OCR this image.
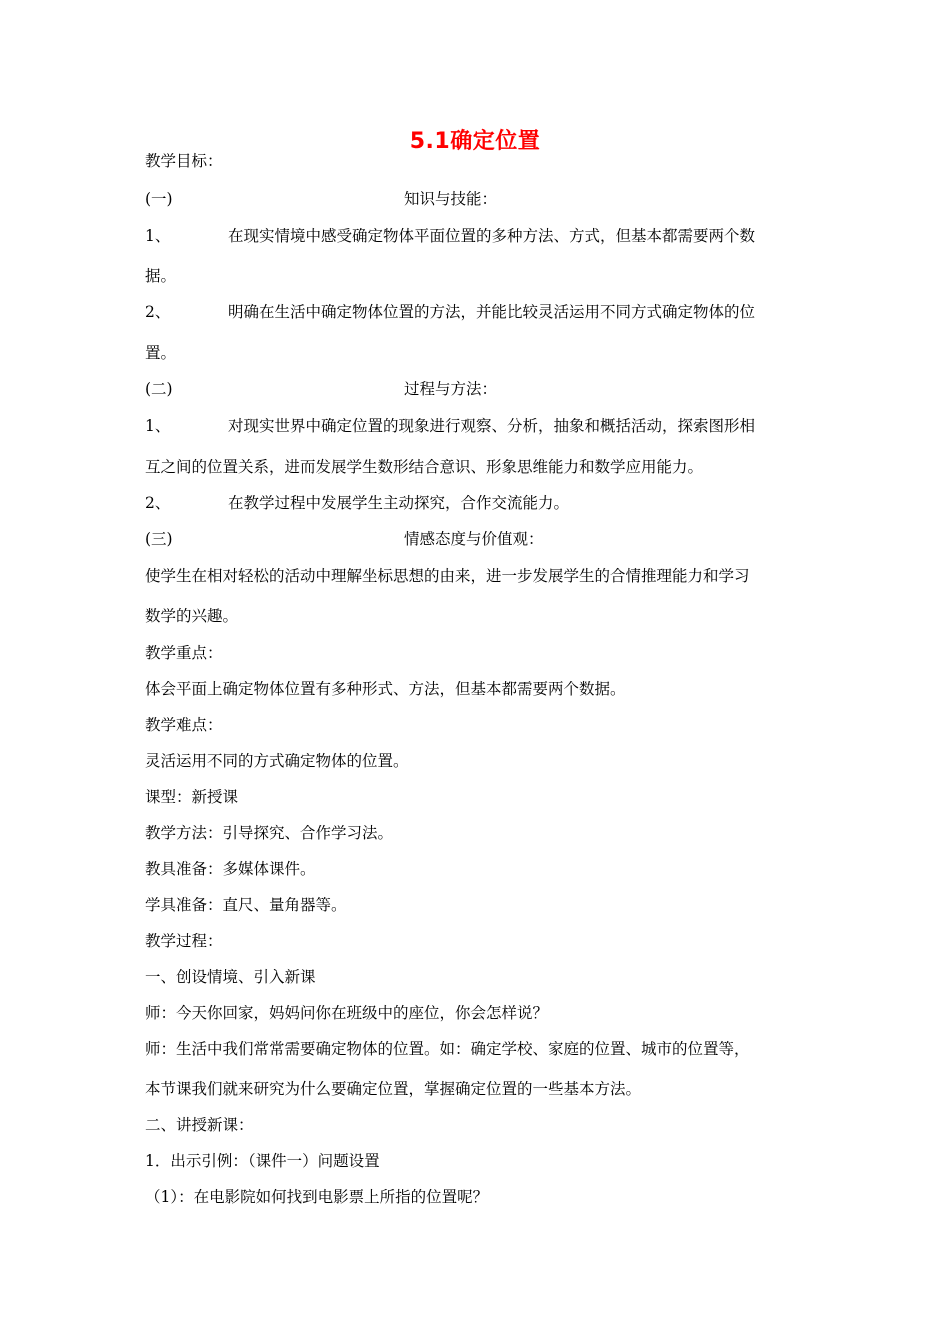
5.1确定位置
教学目标：
(一)	知识与技能：
1、	在现实情境中感受确定物体平面位置的多种方法、方式，但基本都需要两个数
据。
2、	明确在生活中确定物体位置的方法，并能比较灵活运用不同方式确定物体的位
置。
(二)	过程与方法：
1、	对现实世界中确定位置的现象进行观察、分析，抽象和概括活动，探索图形相
互之间的位置关系，进而发展学生数形结合意识、形象思维能力和数学应用能力。
2、	在教学过程中发展学生主动探究，合作交流能力。
(三)	情感态度与价值观：
使学生在相对轻松的活动中理解坐标思想的由来，进一步发展学生的合情推理能力和学习
数学的兴趣。
教学重点：
体会平面上确定物体位置有多种形式、方法，但基本都需要两个数据。
教学难点：
灵活运用不同的方式确定物体的位置。
课型：新授课
教学方法：引导探究、合作学习法。
教具准备：多媒体课件。
学具准备：直尺、量角器等。
教学过程：
一、创设情境、引入新课
师：今天你回家，妈妈问你在班级中的座位，你会怎样说？
师：生活中我们常常需要确定物体的位置。如：确定学校、家庭的位置、城市的位置等，
本节课我们就来研究为什么要确定位置，掌握确定位置的一些基本方法。
二、讲授新课：
1．出示引例：（课件一）问题设置
（1）：在电影院如何找到电影票上所指的位置呢？
